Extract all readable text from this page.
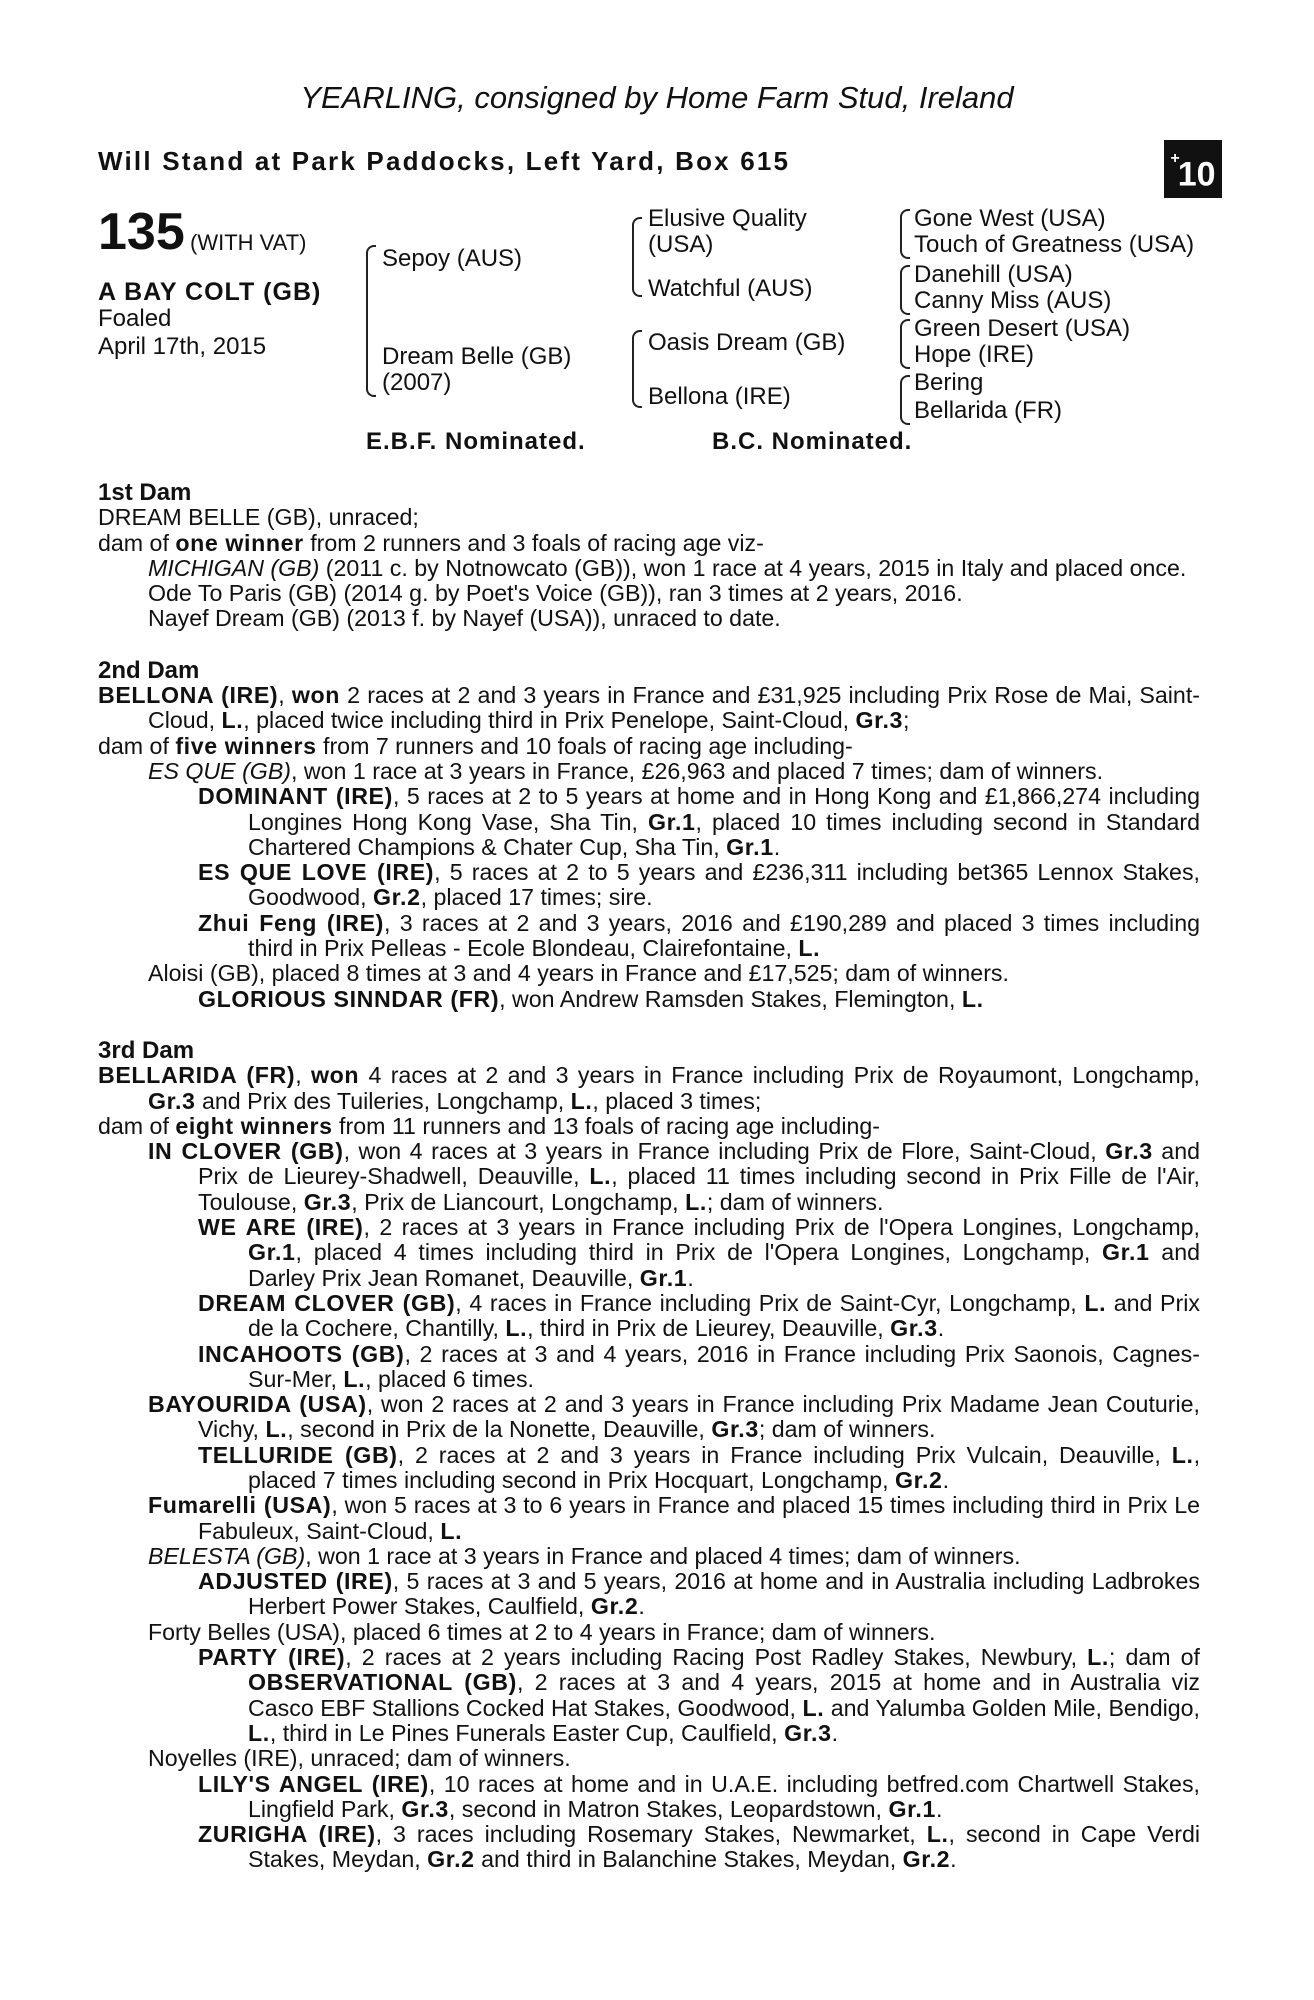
YEARLING, consigned by Home Farm Stud, Ireland
Will Stand at Park Paddocks, Left Yard, Box 615	+10
135 (WITH VAT)
A BAY COLT (GB)
Foaled
April 17th, 2015
Sepoy (AUS)
Dream Belle (GB)
(2007)
Elusive Quality
(USA)
Watchful (AUS)
Oasis Dream (GB)
Bellona (IRE)
Gone West (USA)
Touch of Greatness (USA)
Danehill (USA)
Canny Miss (AUS)
Green Desert (USA)
Hope (IRE)
Bering
Bellarida (FR)
E.B.F. Nominated.	B.C. Nominated.
1st Dam
DREAM BELLE (GB), unraced;
dam of one winner from 2 runners and 3 foals of racing age viz-
MICHIGAN (GB) (2011 c. by Notnowcato (GB)), won 1 race at 4 years, 2015 in Italy and placed once.
Ode To Paris (GB) (2014 g. by Poet's Voice (GB)), ran 3 times at 2 years, 2016.
Nayef Dream (GB) (2013 f. by Nayef (USA)), unraced to date.
2nd Dam
BELLONA (IRE), won 2 races at 2 and 3 years in France and £31,925 including Prix Rose de Mai, Saint-Cloud, L., placed twice including third in Prix Penelope, Saint-Cloud, Gr.3;
dam of five winners from 7 runners and 10 foals of racing age including-
ES QUE (GB), won 1 race at 3 years in France, £26,963 and placed 7 times; dam of winners.
DOMINANT (IRE), 5 races at 2 to 5 years at home and in Hong Kong and £1,866,274 including Longines Hong Kong Vase, Sha Tin, Gr.1, placed 10 times including second in Standard Chartered Champions & Chater Cup, Sha Tin, Gr.1.
ES QUE LOVE (IRE), 5 races at 2 to 5 years and £236,311 including bet365 Lennox Stakes, Goodwood, Gr.2, placed 17 times; sire.
Zhui Feng (IRE), 3 races at 2 and 3 years, 2016 and £190,289 and placed 3 times including third in Prix Pelleas - Ecole Blondeau, Clairefontaine, L.
Aloisi (GB), placed 8 times at 3 and 4 years in France and £17,525; dam of winners.
GLORIOUS SINNDAR (FR), won Andrew Ramsden Stakes, Flemington, L.
3rd Dam
BELLARIDA (FR), won 4 races at 2 and 3 years in France including Prix de Royaumont, Longchamp, Gr.3 and Prix des Tuileries, Longchamp, L., placed 3 times;
dam of eight winners from 11 runners and 13 foals of racing age including-
IN CLOVER (GB), won 4 races at 3 years in France including Prix de Flore, Saint-Cloud, Gr.3 and Prix de Lieurey-Shadwell, Deauville, L., placed 11 times including second in Prix Fille de l'Air, Toulouse, Gr.3, Prix de Liancourt, Longchamp, L.; dam of winners.
WE ARE (IRE), 2 races at 3 years in France including Prix de l'Opera Longines, Longchamp, Gr.1, placed 4 times including third in Prix de l'Opera Longines, Longchamp, Gr.1 and Darley Prix Jean Romanet, Deauville, Gr.1.
DREAM CLOVER (GB), 4 races in France including Prix de Saint-Cyr, Longchamp, L. and Prix de la Cochere, Chantilly, L., third in Prix de Lieurey, Deauville, Gr.3.
INCAHOOTS (GB), 2 races at 3 and 4 years, 2016 in France including Prix Saonois, Cagnes-Sur-Mer, L., placed 6 times.
BAYOURIDA (USA), won 2 races at 2 and 3 years in France including Prix Madame Jean Couturie, Vichy, L., second in Prix de la Nonette, Deauville, Gr.3; dam of winners.
TELLURIDE (GB), 2 races at 2 and 3 years in France including Prix Vulcain, Deauville, L., placed 7 times including second in Prix Hocquart, Longchamp, Gr.2.
Fumarelli (USA), won 5 races at 3 to 6 years in France and placed 15 times including third in Prix Le Fabuleux, Saint-Cloud, L.
BELESTA (GB), won 1 race at 3 years in France and placed 4 times; dam of winners.
ADJUSTED (IRE), 5 races at 3 and 5 years, 2016 at home and in Australia including Ladbrokes Herbert Power Stakes, Caulfield, Gr.2.
Forty Belles (USA), placed 6 times at 2 to 4 years in France; dam of winners.
PARTY (IRE), 2 races at 2 years including Racing Post Radley Stakes, Newbury, L.; dam of OBSERVATIONAL (GB), 2 races at 3 and 4 years, 2015 at home and in Australia viz Casco EBF Stallions Cocked Hat Stakes, Goodwood, L. and Yalumba Golden Mile, Bendigo, L., third in Le Pines Funerals Easter Cup, Caulfield, Gr.3.
Noyelles (IRE), unraced; dam of winners.
LILY'S ANGEL (IRE), 10 races at home and in U.A.E. including betfred.com Chartwell Stakes, Lingfield Park, Gr.3, second in Matron Stakes, Leopardstown, Gr.1.
ZURIGHA (IRE), 3 races including Rosemary Stakes, Newmarket, L., second in Cape Verdi Stakes, Meydan, Gr.2 and third in Balanchine Stakes, Meydan, Gr.2.
